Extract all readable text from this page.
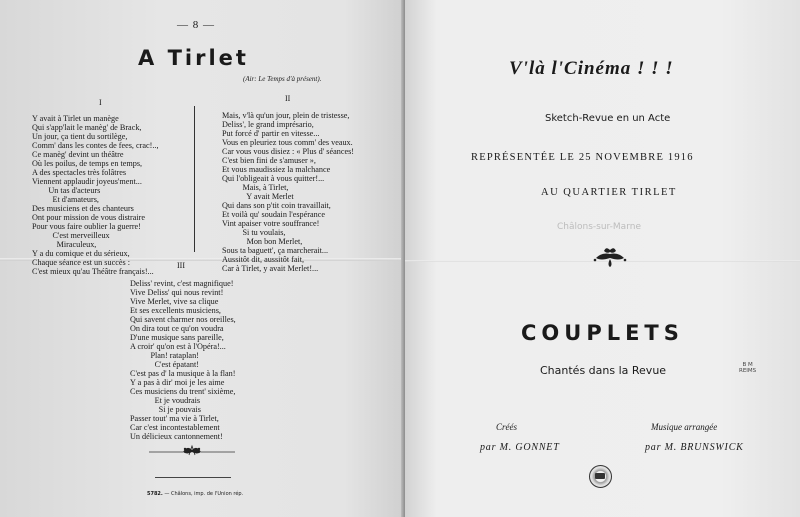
— 8 —
A Tirlet
(Air: Le Temps d'à présent).
I	II
III
Y avait à Tirlet un manège
Qui s'app'lait le manèg' de Brack,
Un jour, ça tient du sortilège,
Comm' dans les contes de fees, crac!..,
Ce manèg' devint un théâtre
Où les poilus, de temps en temps,
A des spectacles très folâtres
Viennent applaudir joyeus'ment...
Un tas d'acteurs
Et d'amateurs,
Des musiciens et des chanteurs
Ont pour mission de vous distraire
Pour vous faire oublier la guerre!
C'est merveilleux
Miraculeux,
Y a du comique et du sérieux,
Chaque séance est un succès :
C'est mieux qu'au Théâtre français!...
Mais, v'là qu'un jour, plein de tristesse,
Deliss', le grand imprésario,
Put forcé d' partir en vitesse...
Vous en pleuriez tous comm' des veaux.
Car vous vous disiez : « Plus d' séances!
C'est bien fini de s'amuser »,
Et vous maudissiez la malchance
Qui l'obligeait à vous quitter!...
Mais, à Tirlet,
Y avait Merlet
Qui dans son p'tit coin travaillait,
Et voilà qu' soudain l'espérance
Vint apaiser votre souffrance!
Si tu voulais,
Mon bon Merlet,
Sous ta baguett', ça marcherait...
Aussitôt dit, aussitôt fait,
Car à Tirlet, y avait Merlet!...
Deliss' revint, c'est magnifique!
Vive Deliss' qui nous revint!
Vive Merlet, vive sa clique
Et ses excellents musiciens,
Qui savent charmer nos oreilles,
On dira tout ce qu'on voudra
D'une musique sans pareille,
A croir' qu'on est à l'Opéra!...
Plan! rataplan!
C'est épatant!
C'est pas d' la musique à la flan!
Y a pas à dir' moi je les aime
Ces musiciens du trent' sixième,
Et je voudrais
Si je pouvais
Passer tout' ma vie à Tirlet,
Car c'est incontestablement
Un délicieux cantonnement!
5782. — Châlons, imp. de l'Union rép.
V'là l'Cinéma ! ! !
Sketch-Revue en un Acte
REPRÉSENTÉE LE 25 NOVEMBRE 1916
AU QUARTIER TIRLET
Châlons-sur-Marne
COUPLETS
Chantés dans la Revue	B M
REIMS
Créés	Musique arrangée
par M. GONNET	par M. BRUNSWICK
